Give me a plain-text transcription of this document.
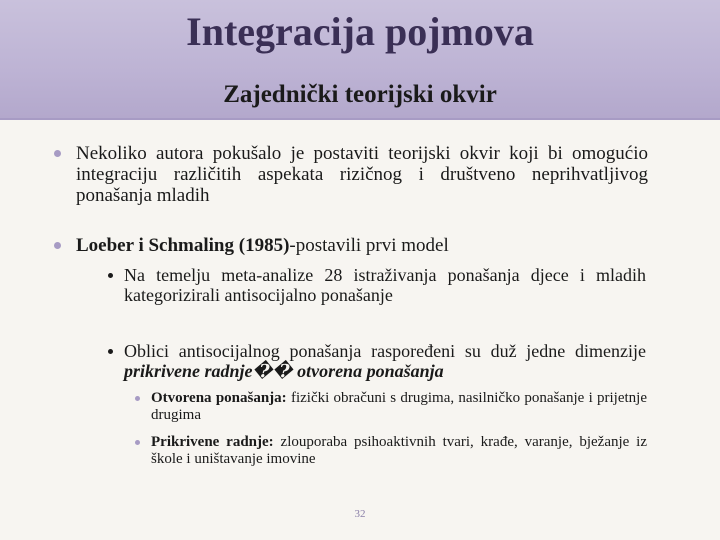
Integracija pojmova
Zajednički teorijski okvir
Nekoliko autora pokušalo je postaviti teorijski okvir koji bi omogućio integraciju različitih aspekata rizičnog i društveno neprihvatljivog ponašanja mladih
Loeber i Schmaling (1985)-postavili prvi model
Na temelju meta-analize 28 istraživanja ponašanja djece i mladih kategorizirali antisocijalno ponašanje
Oblici antisocijalnog ponašanja raspoređeni su duž jedne dimenzije prikrivene radnje�� otvorena ponašanja
Otvorena ponašanja: fizički obračuni s drugima, nasilničko ponašanje i prijetnje drugima
Prikrivene radnje: zlouporaba psihoaktivnih tvari, krađe, varanje, bježanje iz škole i uništavanje imovine
32
